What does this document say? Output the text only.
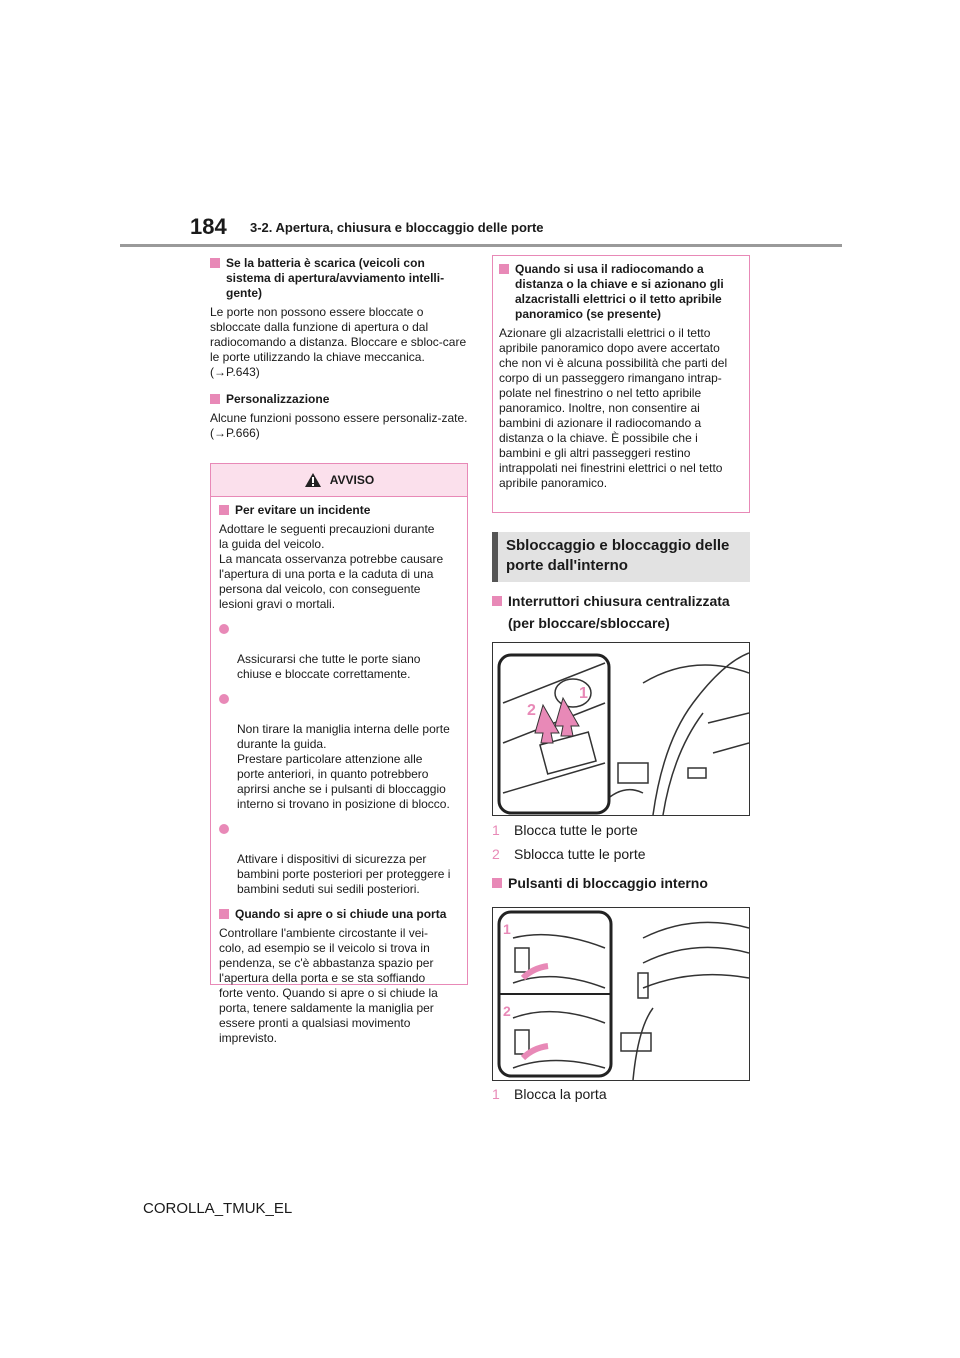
184 3-2. Apertura, chiusura e bloccaggio delle porte
Se la batteria è scarica (veicoli con sistema di apertura/avviamento intelli-gente)

Le porte non possono essere bloccate o sbloccate dalla funzione di apertura o dal radiocomando a distanza. Bloccare e sbloc-care le porte utilizzando la chiave meccanica. (→P.643)

Personalizzazione

Alcune funzioni possono essere personaliz-zate. (→P.666)

AVVISO
Per evitare un incidente

Adottare le seguenti precauzioni durante
la guida del veicolo.
La mancata osservanza potrebbe causare
l'apertura di una porta e la caduta di una
persona dal veicolo, con conseguente
lesioni gravi o mortali.

Assicurarsi che tutte le porte siano
chiuse e bloccate correttamente.

Non tirare la maniglia interna delle porte
durante la guida.
Prestare particolare attenzione alle
porte anteriori, in quanto potrebbero
aprirsi anche se i pulsanti di bloccaggio
interno si trovano in posizione di blocco.

Attivare i dispositivi di sicurezza per
bambini porte posteriori per proteggere i
bambini seduti sui sedili posteriori.

Quando si apre o si chiude una porta

Controllare l'ambiente circostante il vei-
colo, ad esempio se il veicolo si trova in
pendenza, se c'è abbastanza spazio per
l'apertura della porta e se sta soffiando
forte vento. Quando si apre o si chiude la
porta, tenere saldamente la maniglia per
essere pronti a qualsiasi movimento
imprevisto.

Quando si usa il radiocomando a distanza o la chiave e si azionano gli alzacristalli elettrici o il tetto apribile panoramico (se presente)

Azionare gli alzacristalli elettrici o il tetto
apribile panoramico dopo avere accertato
che non vi è alcuna possibilità che parti del
corpo di un passeggero rimangano intrap-
polate nel finestrino o nel tetto apribile
panoramico. Inoltre, non consentire ai
bambini di azionare il radiocomando a
distanza o la chiave. È possibile che i
bambini e gli altri passeggeri restino
intrappolati nei finestrini elettrici o nel tetto
apribile panoramico.

Sbloccaggio e bloccaggio delle porte dall'interno
Interruttori chiusura centralizzata
(per bloccare/sbloccare)
1
2
1 Blocca tutte le porte
2 Sblocca tutte le porte
Pulsanti di bloccaggio interno
1
2
1 Blocca la porta
COROLLA_TMUK_EL
